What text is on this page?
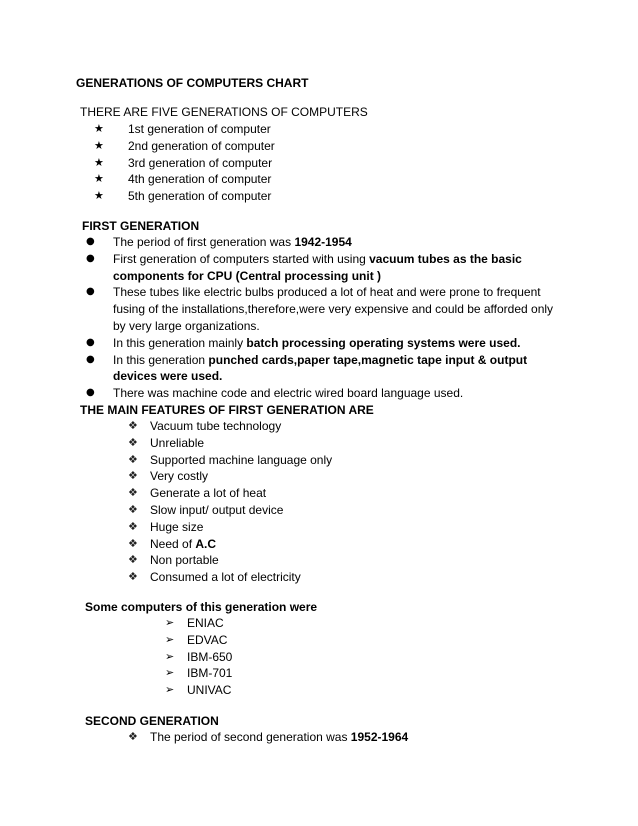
GENERATIONS OF COMPUTERS CHART
THERE ARE FIVE GENERATIONS OF COMPUTERS
★ 1st generation of computer
★ 2nd generation of computer
★ 3rd generation of computer
★ 4th generation of computer
★ 5th generation of computer
FIRST GENERATION
● The period of first generation was 1942-1954
● First generation of computers started with using vacuum tubes as the basic components for CPU (Central processing unit )
● These tubes like electric bulbs produced a lot of heat and were prone to frequent fusing of the installations,therefore,were very expensive and could be afforded only by very large organizations.
● In this generation mainly batch processing operating systems were used.
● In this generation punched cards,paper tape,magnetic tape input & output devices were used.
● There was machine code and electric wired board language used.
THE MAIN FEATURES OF FIRST GENERATION ARE
❖ Vacuum tube technology
❖ Unreliable
❖ Supported machine language only
❖ Very costly
❖ Generate a lot of heat
❖ Slow input/ output device
❖ Huge size
❖ Need of A.C
❖ Non portable
❖ Consumed a lot of electricity
Some computers of this generation were
➢ ENIAC
➢ EDVAC
➢ IBM-650
➢ IBM-701
➢ UNIVAC
SECOND GENERATION
❖ The period of second generation was 1952-1964
